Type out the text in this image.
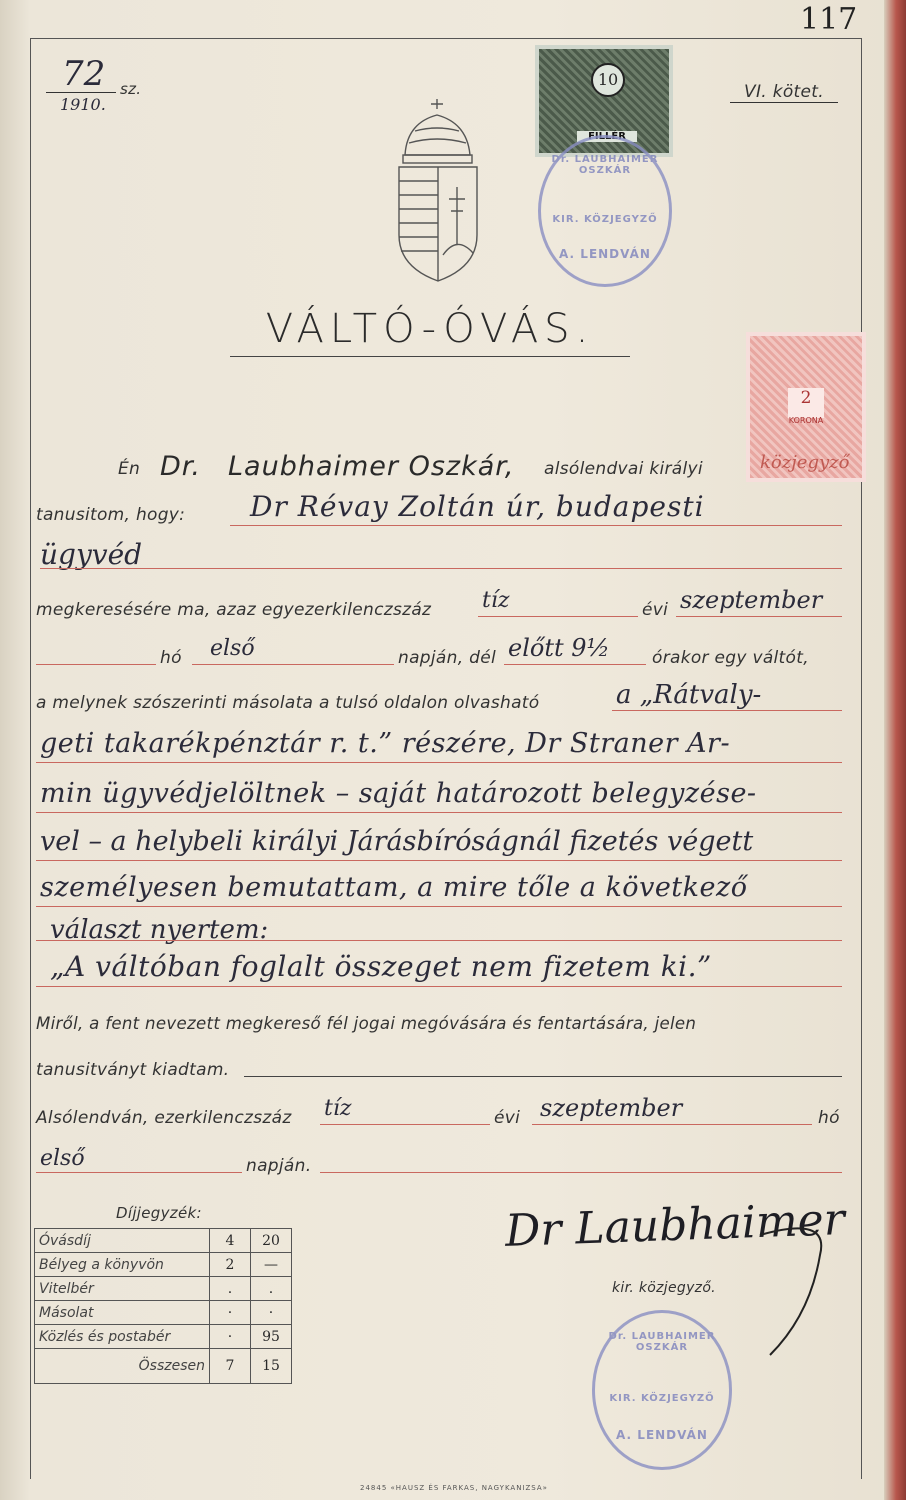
117
72 sz.
1910.
VI. kötet.
10
FILLÉR
2
KORONA
Dr. LAUBHAIMER OSZKÁR
KIR. KÖZJEGYZŐ
A. LENDVÁN
VÁLTÓ-ÓVÁS.
Én Dr. Laubhaimer Oszkár, alsólendvai királyi	közjegyző
tanusitom, hogy: Dr Révay Zoltán úr, budapesti
ügyvéd
megkeresésére ma, azaz egyezerkilenczszáz tíz	évi szeptember
hó első	napján, dél előtt 9½ órakor egy váltót,
a melynek szószerinti másolata a tulsó oldalon olvasható	a „Rátvaly-
geti takarékpénztár r. t.” részére, Dr Straner Ar-
min ügyvédjelöltnek – saját határozott belegyzése-
vel – a helybeli királyi Járásbíróságnál fizetés végett
személyesen bemutattam, a mire tőle a következő
választ nyertem:
„A váltóban foglalt összeget nem fizetem ki.”
Miről, a fent nevezett megkereső fél jogai megóvására és fentartására, jelen
tanusitványt kiadtam.
Alsólendván, ezerkilenczszáz tíz	évi szeptember	hó
első	napján.
Dr Laubhaimer
kir. közjegyző.
Dr. LAUBHAIMER OSZKÁR
KIR. KÖZJEGYZŐ
A. LENDVÁN
Díjjegyzék:
Óvásdíj	4	20
Bélyeg a könyvön	2	—
Vitelbér	.	.
Másolat	·	·
Közlés és postabér	·	95
Összesen	7	15
24845 «HAUSZ ÉS FARKAS, NAGYKANIZSA»
